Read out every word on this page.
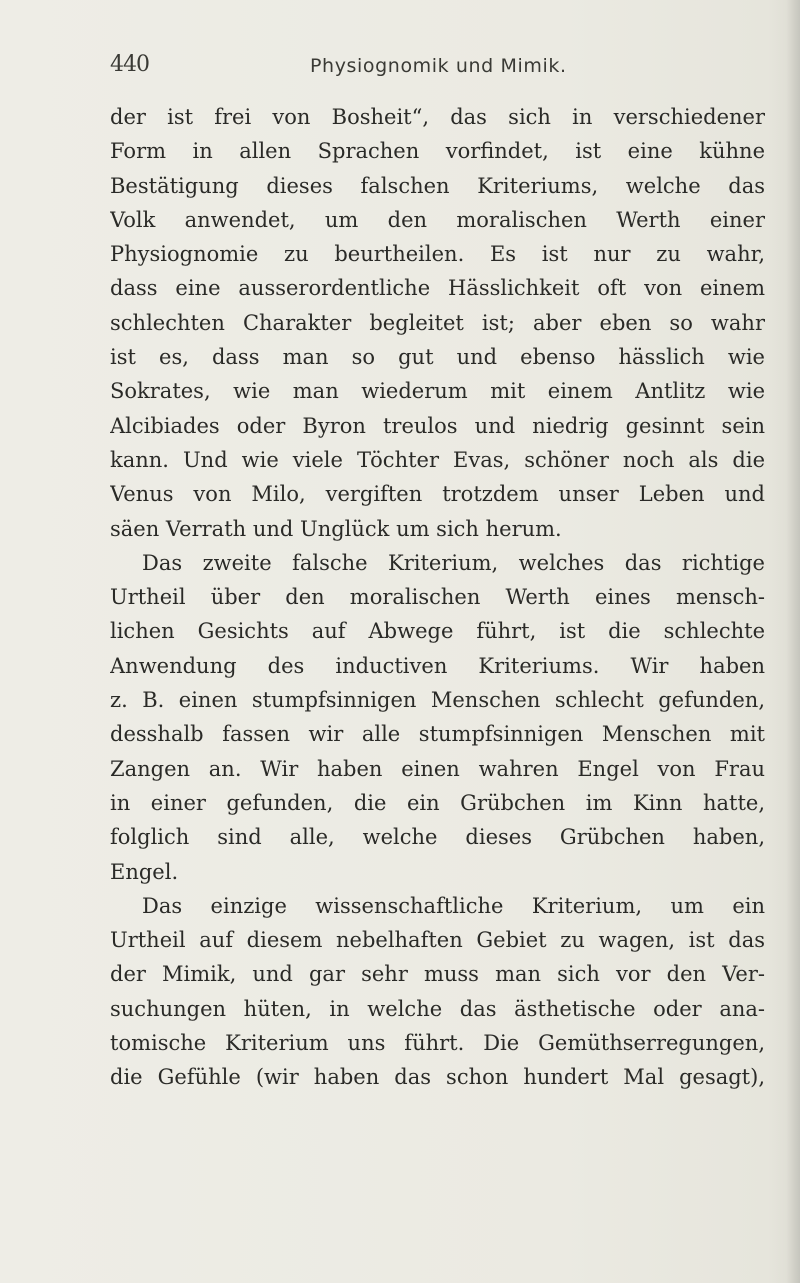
440	Physiognomik und Mimik.
der ist frei von Bosheit“, das sich in verschiedener
Form in allen Sprachen vorfindet, ist eine kühne
Bestätigung dieses falschen Kriteriums, welche das
Volk anwendet, um den moralischen Werth einer
Physiognomie zu beurtheilen. Es ist nur zu wahr,
dass eine ausserordentliche Hässlichkeit oft von einem
schlechten Charakter begleitet ist; aber eben so wahr
ist es, dass man so gut und ebenso hässlich wie
Sokrates, wie man wiederum mit einem Antlitz wie
Alcibiades oder Byron treulos und niedrig gesinnt sein
kann. Und wie viele Töchter Evas, schöner noch als die
Venus von Milo, vergiften trotzdem unser Leben und
säen Verrath und Unglück um sich herum.
Das zweite falsche Kriterium, welches das richtige
Urtheil über den moralischen Werth eines mensch-
lichen Gesichts auf Abwege führt, ist die schlechte
Anwendung des inductiven Kriteriums. Wir haben
z. B. einen stumpfsinnigen Menschen schlecht gefunden,
desshalb fassen wir alle stumpfsinnigen Menschen mit
Zangen an. Wir haben einen wahren Engel von Frau
in einer gefunden, die ein Grübchen im Kinn hatte,
folglich sind alle, welche dieses Grübchen haben,
Engel.
Das einzige wissenschaftliche Kriterium, um ein
Urtheil auf diesem nebelhaften Gebiet zu wagen, ist das
der Mimik, und gar sehr muss man sich vor den Ver-
suchungen hüten, in welche das ästhetische oder ana-
tomische Kriterium uns führt. Die Gemüthserregungen,
die Gefühle (wir haben das schon hundert Mal gesagt),
